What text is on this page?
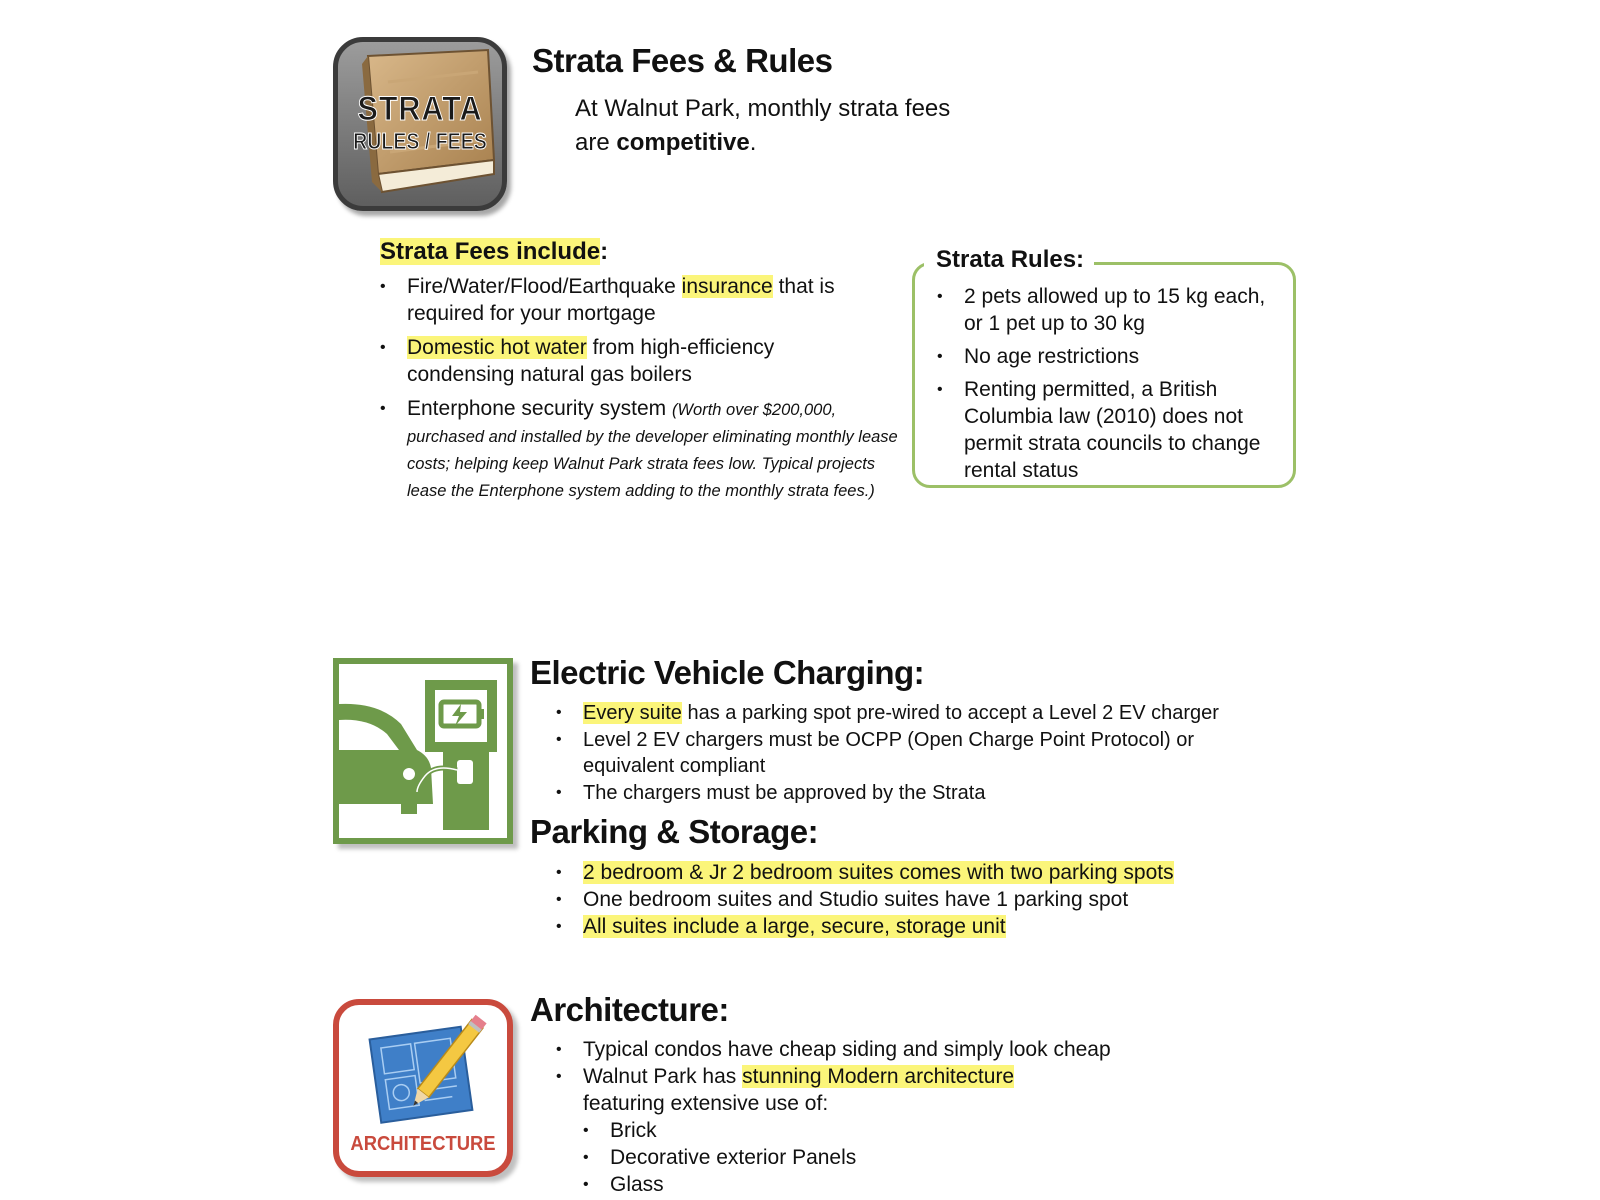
STRATA
RULES / FEES
Strata Fees & Rules
At Walnut Park, monthly strata fees
are competitive.
Strata Fees include:
• Fire/Water/Flood/Earthquake insurance that is
required for your mortgage
• Domestic hot water from high-efficiency
condensing natural gas boilers
• Enterphone security system (Worth over $200,000, purchased and installed by the developer eliminating monthly lease costs; helping keep Walnut Park strata fees low. Typical projects lease the Enterphone system adding to the monthly strata fees.)
Strata Rules:
• 2 pets allowed up to 15 kg each, or 1 pet up to 30 kg
• No age restrictions
• Renting permitted, a British Columbia law (2010) does not permit strata councils to change rental status
Electric Vehicle Charging:
• Every suite has a parking spot pre-wired to accept a Level 2 EV charger
• Level 2 EV chargers must be OCPP (Open Charge Point Protocol) or equivalent compliant
• The chargers must be approved by the Strata
Parking & Storage:
• 2 bedroom & Jr 2 bedroom suites comes with two parking spots
• One bedroom suites and Studio suites have 1 parking spot
• All suites include a large, secure, storage unit
ARCHITECTURE
Architecture:
• Typical condos have cheap siding and simply look cheap
• Walnut Park has stunning Modern architecture
featuring extensive use of:
• Brick
• Decorative exterior Panels
• Glass
